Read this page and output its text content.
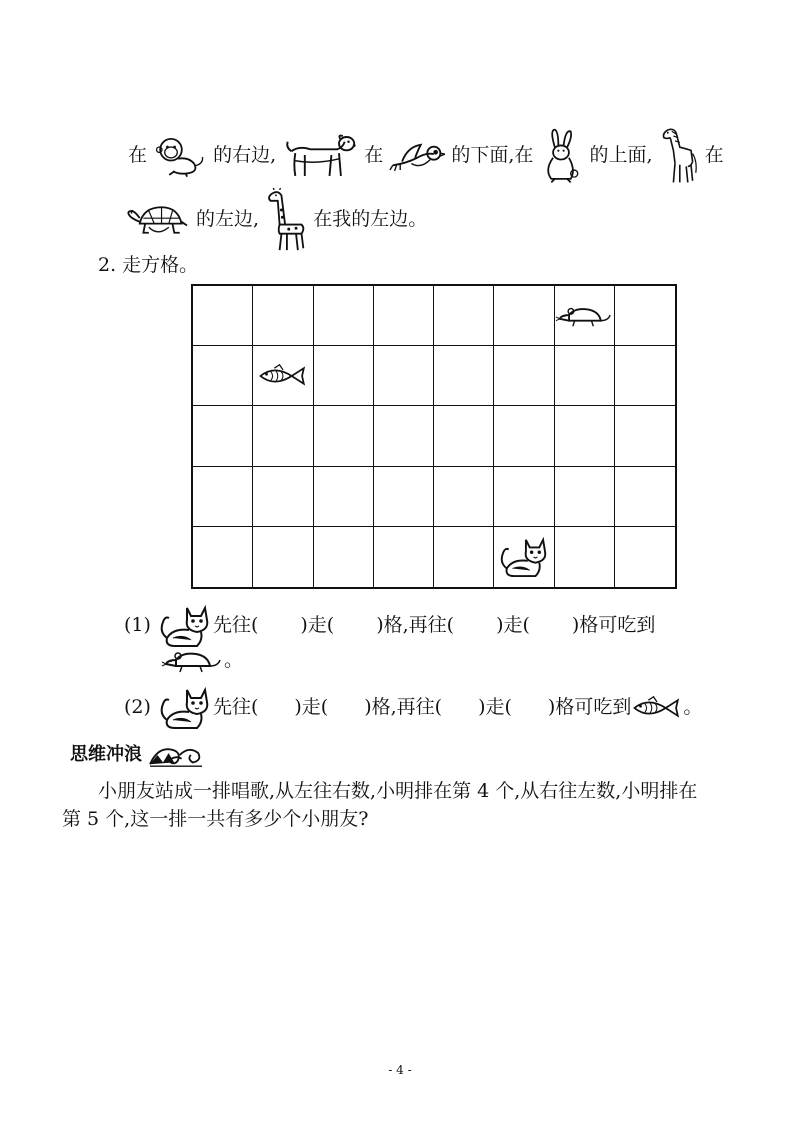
在	的右边,	在	的下面,在	的上面,	在
的左边,	在我的左边。
2. 走方格。
(1)	先往( )走( )格,再往( )走( )格可吃到
。
(2)	先往( )走( )格,再往( )走( )格可吃到	。
思维冲浪
小朋友站成一排唱歌,从左往右数,小明排在第 4 个,从右往左数,小明排在
第 5 个,这一排一共有多少个小朋友?
- 4 -
